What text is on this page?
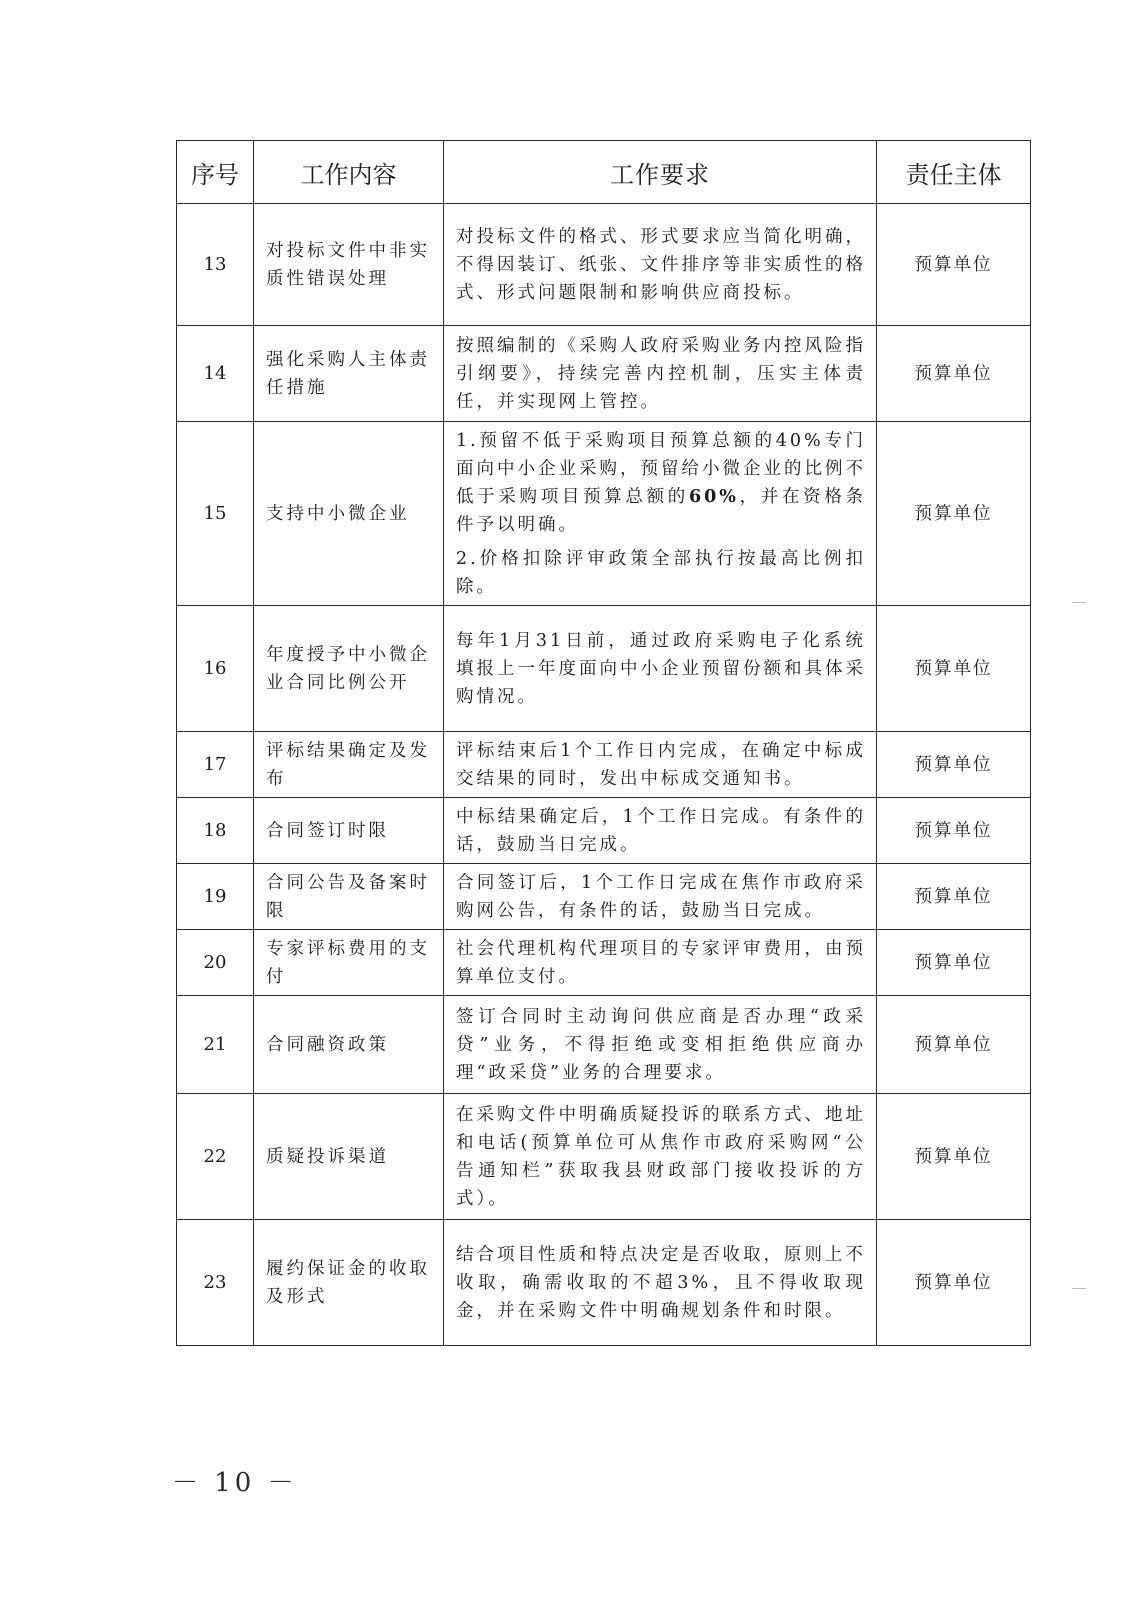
序号	工作内容	工作要求	责任主体
13	对投标文件中非实质性错误处理	对投标文件的格式、形式要求应当简化明确，不得因装订、纸张、文件排序等非实质性的格式、形式问题限制和影响供应商投标。	预算单位
14	强化采购人主体责任措施	按照编制的《采购人政府采购业务内控风险指引纲要》，持续完善内控机制，压实主体责任，并实现网上管控。	预算单位
15	支持中小微企业	1.预留不低于采购项目预算总额的40%专门面向中小企业采购，预留给小微企业的比例不低于采购项目预算总额的60%，并在资格条件予以明确。
2.价格扣除评审政策全部执行按最高比例扣除。	预算单位
16	年度授予中小微企业合同比例公开	每年1月31日前，通过政府采购电子化系统填报上一年度面向中小企业预留份额和具体采购情况。	预算单位
17	评标结果确定及发布	评标结束后1个工作日内完成，在确定中标成交结果的同时，发出中标成交通知书。	预算单位
18	合同签订时限	中标结果确定后，1个工作日完成。有条件的话，鼓励当日完成。	预算单位
19	合同公告及备案时限	合同签订后，1个工作日完成在焦作市政府采购网公告，有条件的话，鼓励当日完成。	预算单位
20	专家评标费用的支付	社会代理机构代理项目的专家评审费用，由预算单位支付。	预算单位
21	合同融资政策	签订合同时主动询问供应商是否办理“政采贷”业务，不得拒绝或变相拒绝供应商办理“政采贷”业务的合理要求。	预算单位
22	质疑投诉渠道	在采购文件中明确质疑投诉的联系方式、地址和电话(预算单位可从焦作市政府采购网“公告通知栏”获取我县财政部门接收投诉的方式）。	预算单位
23	履约保证金的收取及形式	结合项目性质和特点决定是否收取，原则上不收取，确需收取的不超3%，且不得收取现金，并在采购文件中明确规划条件和时限。	预算单位
－ 10 －
